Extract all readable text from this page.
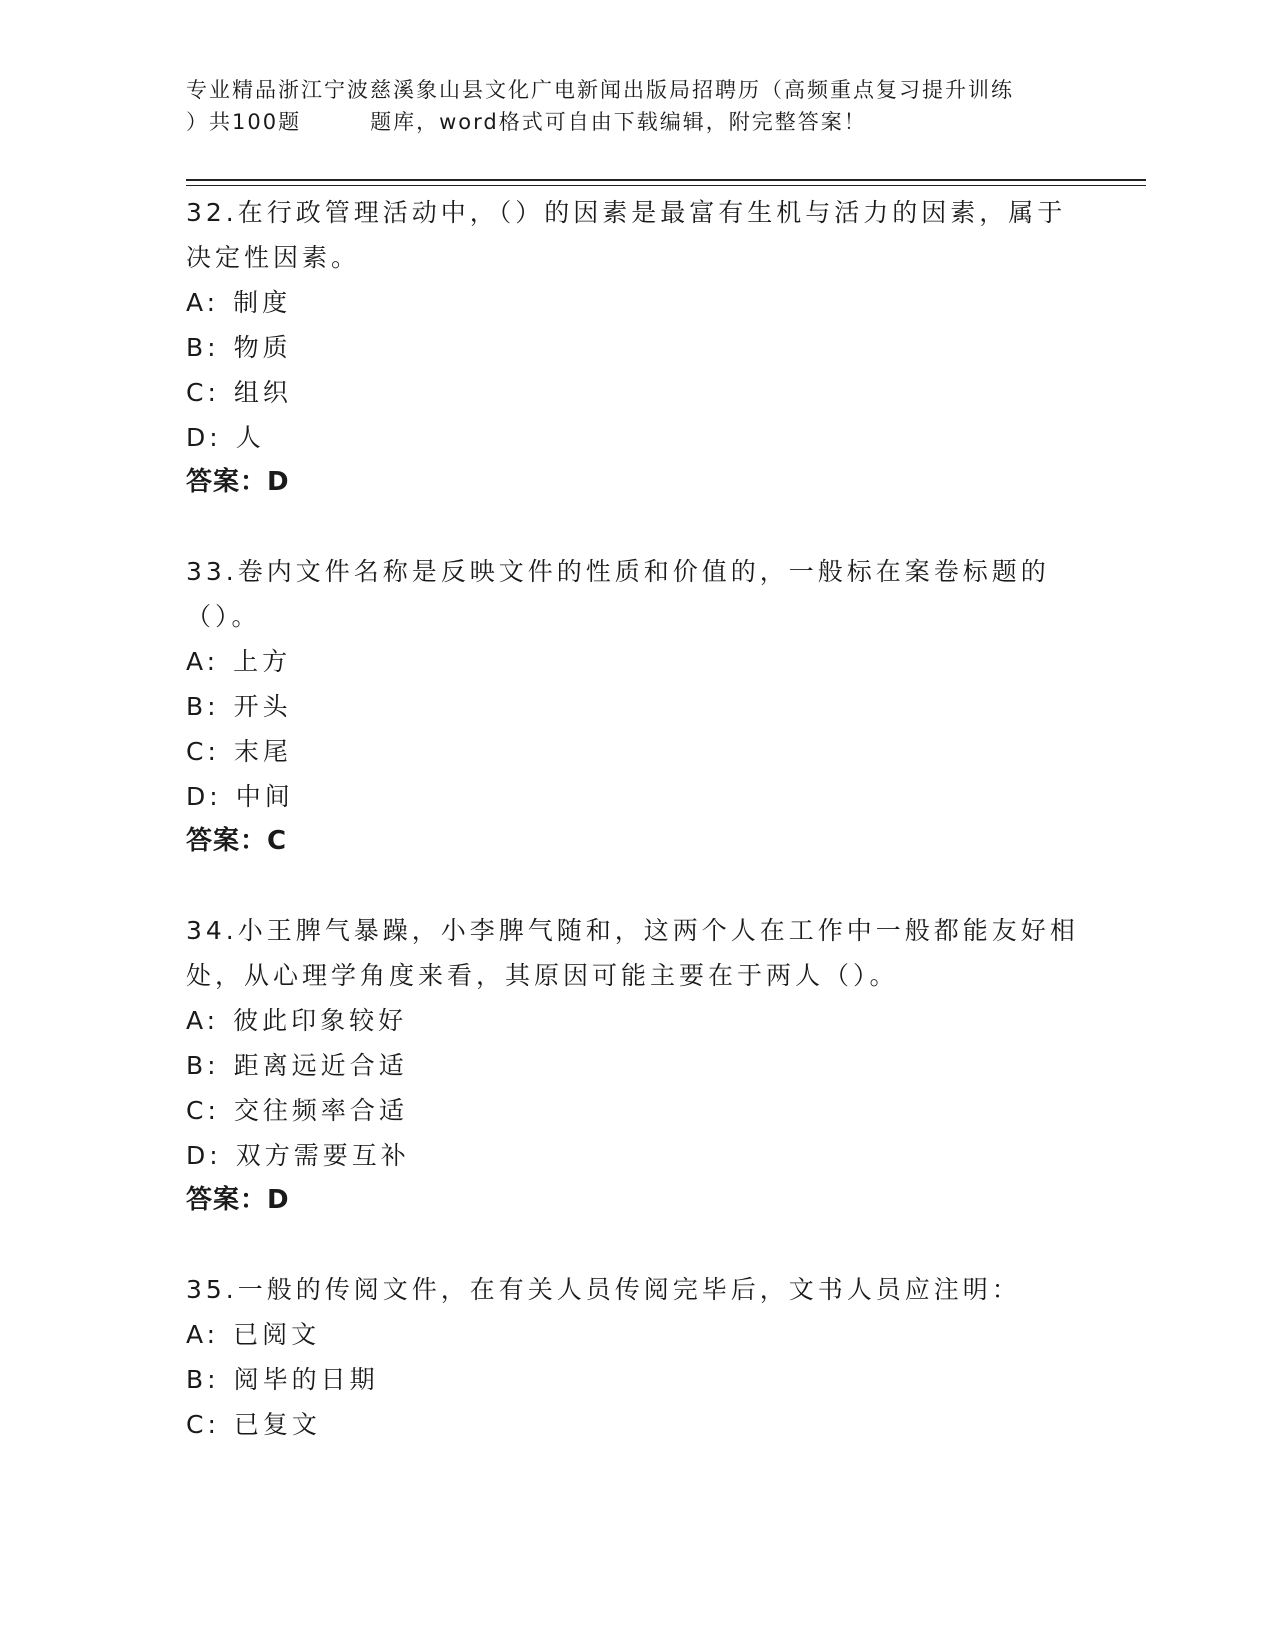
专业精品浙江宁波慈溪象山县文化广电新闻出版局招聘历（高频重点复习提升训练
）共100题　　　题库，word格式可自由下载编辑，附完整答案！
32.在行政管理活动中，（）的因素是最富有生机与活力的因素，属于决定性因素。
A: 制度
B: 物质
C: 组织
D: 人
答案：D
33.卷内文件名称是反映文件的性质和价值的，一般标在案卷标题的（）。
A: 上方
B: 开头
C: 末尾
D: 中间
答案：C
34.小王脾气暴躁，小李脾气随和，这两个人在工作中一般都能友好相处，从心理学角度来看，其原因可能主要在于两人（）。
A: 彼此印象较好
B: 距离远近合适
C: 交往频率合适
D: 双方需要互补
答案：D
35.一般的传阅文件，在有关人员传阅完毕后，文书人员应注明：
A: 已阅文
B: 阅毕的日期
C: 已复文
